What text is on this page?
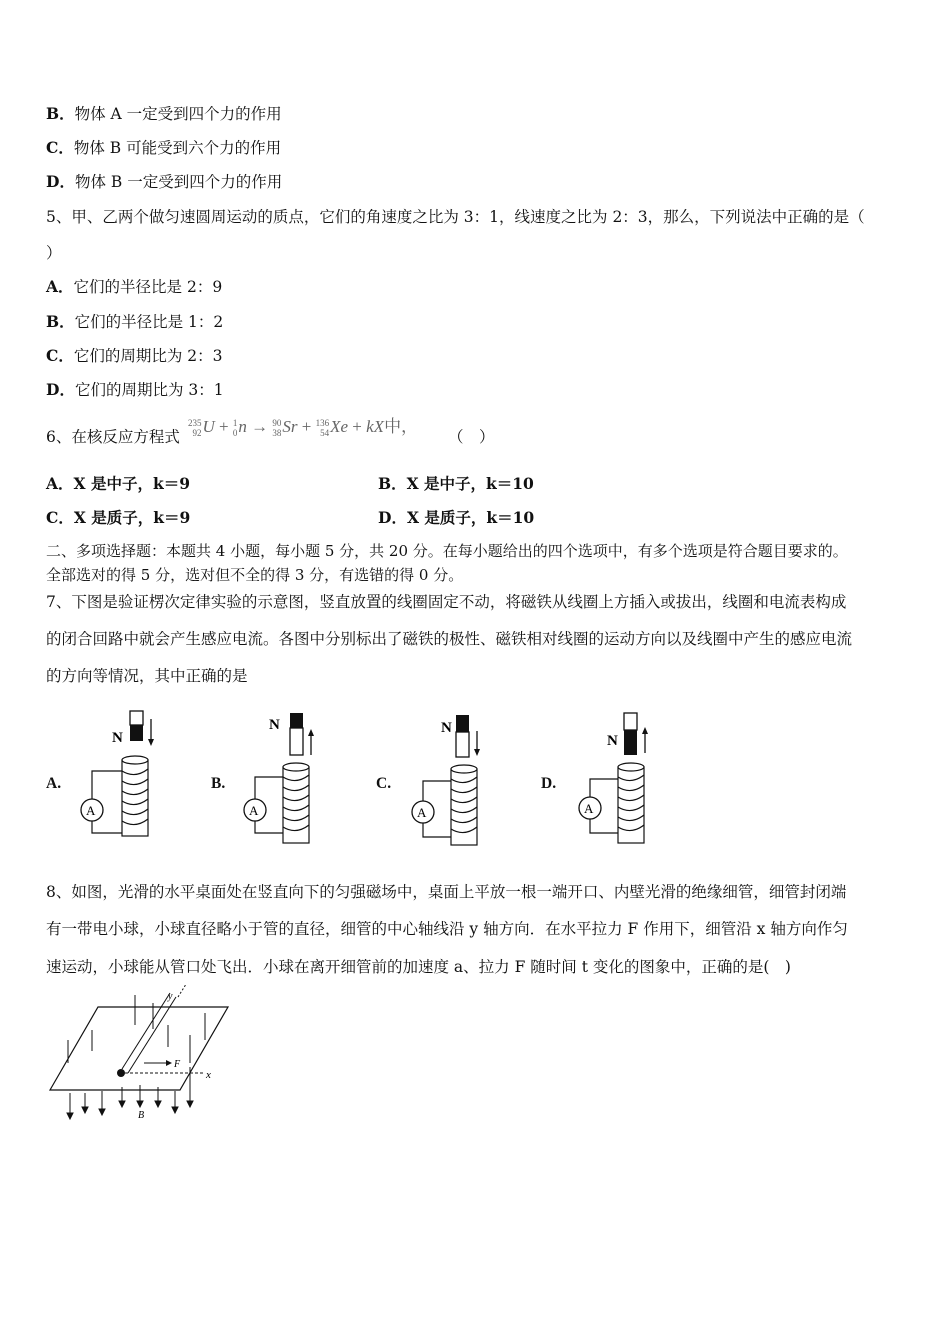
B．物体 A 一定受到四个力的作用
C．物体 B 可能受到六个力的作用
D．物体 B 一定受到四个力的作用
5、甲、乙两个做匀速圆周运动的质点，它们的角速度之比为 3：1，线速度之比为 2：3，那么，下列说法中正确的是（
）
A．它们的半径比是 2：9
B．它们的半径比是 1：2
C．它们的周期比为 2：3
D．它们的周期比为 3：1
6、在核反应方程式
235
92 U + 1
0 n → 90
38 Sr + 136
54 Xe + kX中， （　）
A．X 是中子，k＝9	B．X 是中子，k＝10
C．X 是质子，k＝9	D．X 是质子，k＝10
二、多项选择题：本题共 4 小题，每小题 5 分，共 20 分。在每小题给出的四个选项中，有多个选项是符合题目要求的。
全部选对的得 5 分，选对但不全的得 3 分，有选错的得 0 分。
7、下图是验证楞次定律实验的示意图，竖直放置的线圈固定不动，将磁铁从线圈上方插入或拔出，线圈和电流表构成
的闭合回路中就会产生感应电流。各图中分别标出了磁铁的极性、磁铁相对线圈的运动方向以及线圈中产生的感应电流
的方向等情况，其中正确的是
A.
N
A
B.
N
A
C.
N
A
D.
N
A
8、如图，光滑的水平桌面处在竖直向下的匀强磁场中，桌面上平放一根一端开口、内壁光滑的绝缘细管，细管封闭端
有一带电小球，小球直径略小于管的直径，细管的中心轴线沿 y 轴方向．在水平拉力 F 作用下，细管沿 x 轴方向作匀
速运动，小球能从管口处飞出．小球在离开细管前的加速度 a、拉力 F 随时间 t 变化的图象中，正确的是(　)
y
x
F
B
